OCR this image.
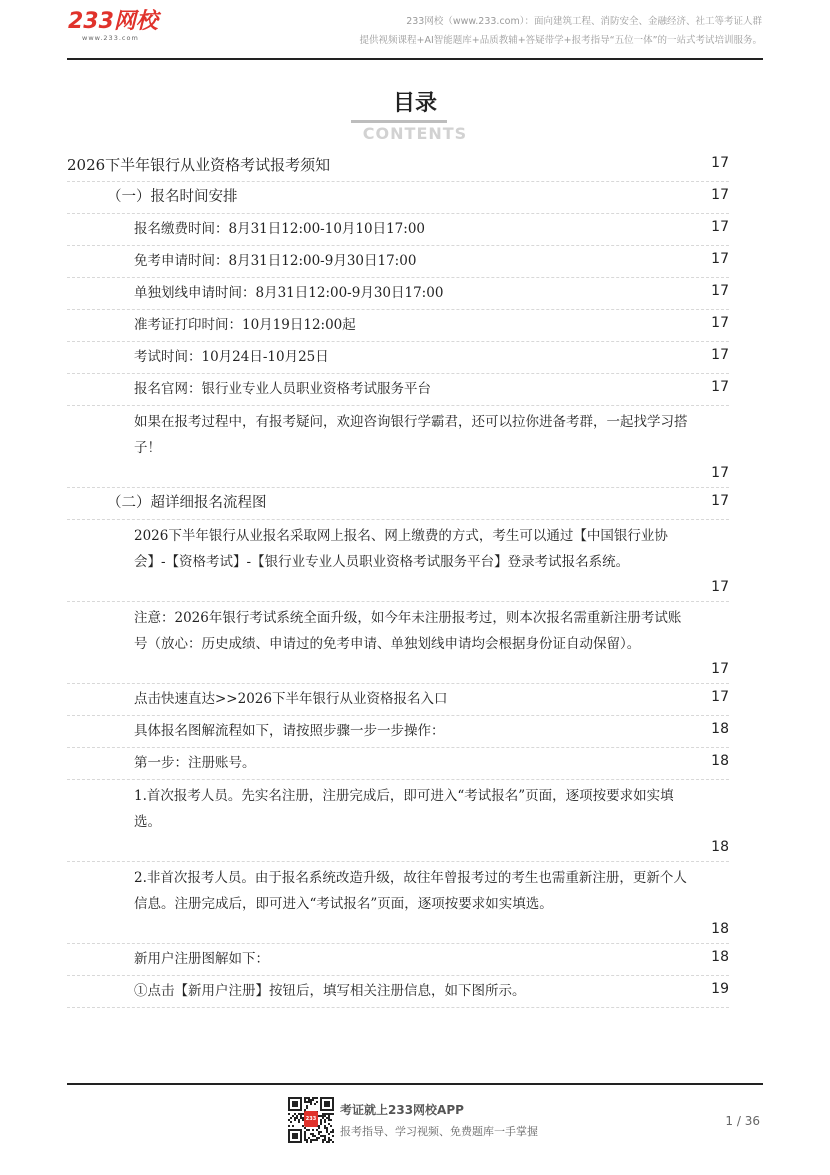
233网校
www.233.com
233网校（www.233.com）：面向建筑工程、消防安全、金融经济、社工等考证人群
提供视频课程+AI智能题库+品质教辅+答疑带学+报考指导“五位一体”的一站式考试培训服务。
目录
CONTENTS
2026下半年银行从业资格考试报考须知	17
（一）报名时间安排	17
报名缴费时间：8月31日12:00-10月10日17:00	17
免考申请时间：8月31日12:00-9月30日17:00	17
单独划线申请时间：8月31日12:00-9月30日17:00	17
准考证打印时间：10月19日12:00起	17
考试时间：10月24日-10月25日	17
报名官网：银行业专业人员职业资格考试服务平台	17
如果在报考过程中，有报考疑问，欢迎咨询银行学霸君，还可以拉你进备考群，一起找学习搭子！
17
（二）超详细报名流程图	17
2026下半年银行从业报名采取网上报名、网上缴费的方式，考生可以通过【中国银行业协会】-【资格考试】-【银行业专业人员职业资格考试服务平台】登录考试报名系统。
17
注意：2026年银行考试系统全面升级，如今年未注册报考过，则本次报名需重新注册考试账号（放心：历史成绩、申请过的免考申请、单独划线申请均会根据身份证自动保留）。
17
点击快速直达>>2026下半年银行从业资格报名入口	17
具体报名图解流程如下，请按照步骤一步一步操作：	18
第一步：注册账号。	18
1.首次报考人员。先实名注册，注册完成后，即可进入“考试报名”页面，逐项按要求如实填选。
18
2.非首次报考人员。由于报名系统改造升级，故往年曾报考过的考生也需重新注册，更新个人信息。注册完成后，即可进入“考试报名”页面，逐项按要求如实填选。
18
新用户注册图解如下：	18
①点击【新用户注册】按钮后，填写相关注册信息，如下图所示。	19
233
考证就上233网校APP
报考指导、学习视频、免费题库一手掌握
1 / 36
